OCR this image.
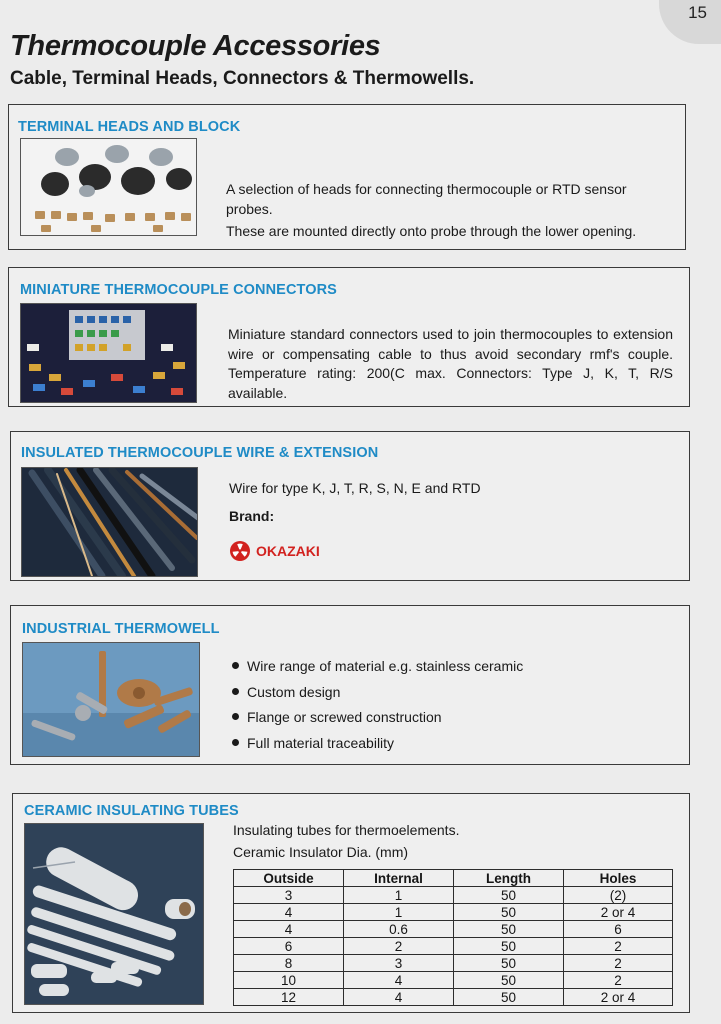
15
Thermocouple Accessories
Cable, Terminal Heads, Connectors & Thermowells.
TERMINAL HEADS AND BLOCK

A selection of heads for connecting thermocouple or RTD sensor probes.

These are mounted directly onto probe through the lower opening.

MINIATURE THERMOCOUPLE CONNECTORS
Miniature standard connectors used to join thermocouples to extension wire or compensating cable to thus avoid secondary rmf's couple. Temperature rating: 200(C max. Connectors: Type J, K, T, R/S available.
INSULATED THERMOCOUPLE WIRE & EXTENSION

Wire for type K, J, T, R, S, N, E and RTD

Brand:

OKAZAKI
INDUSTRIAL THERMOWELL
Wire range of material e.g. stainless ceramic
Custom design
Flange or screwed construction
Full material traceability
CERAMIC INSULATING TUBES

Insulating tubes for thermoelements.

Ceramic Insulator Dia. (mm)

Outside	Internal	Length	Holes
3	1	50	(2)
4	1	50	2 or 4
4	0.6	50	6
6	2	50	2
8	3	50	2
10	4	50	2
12	4	50	2 or 4
